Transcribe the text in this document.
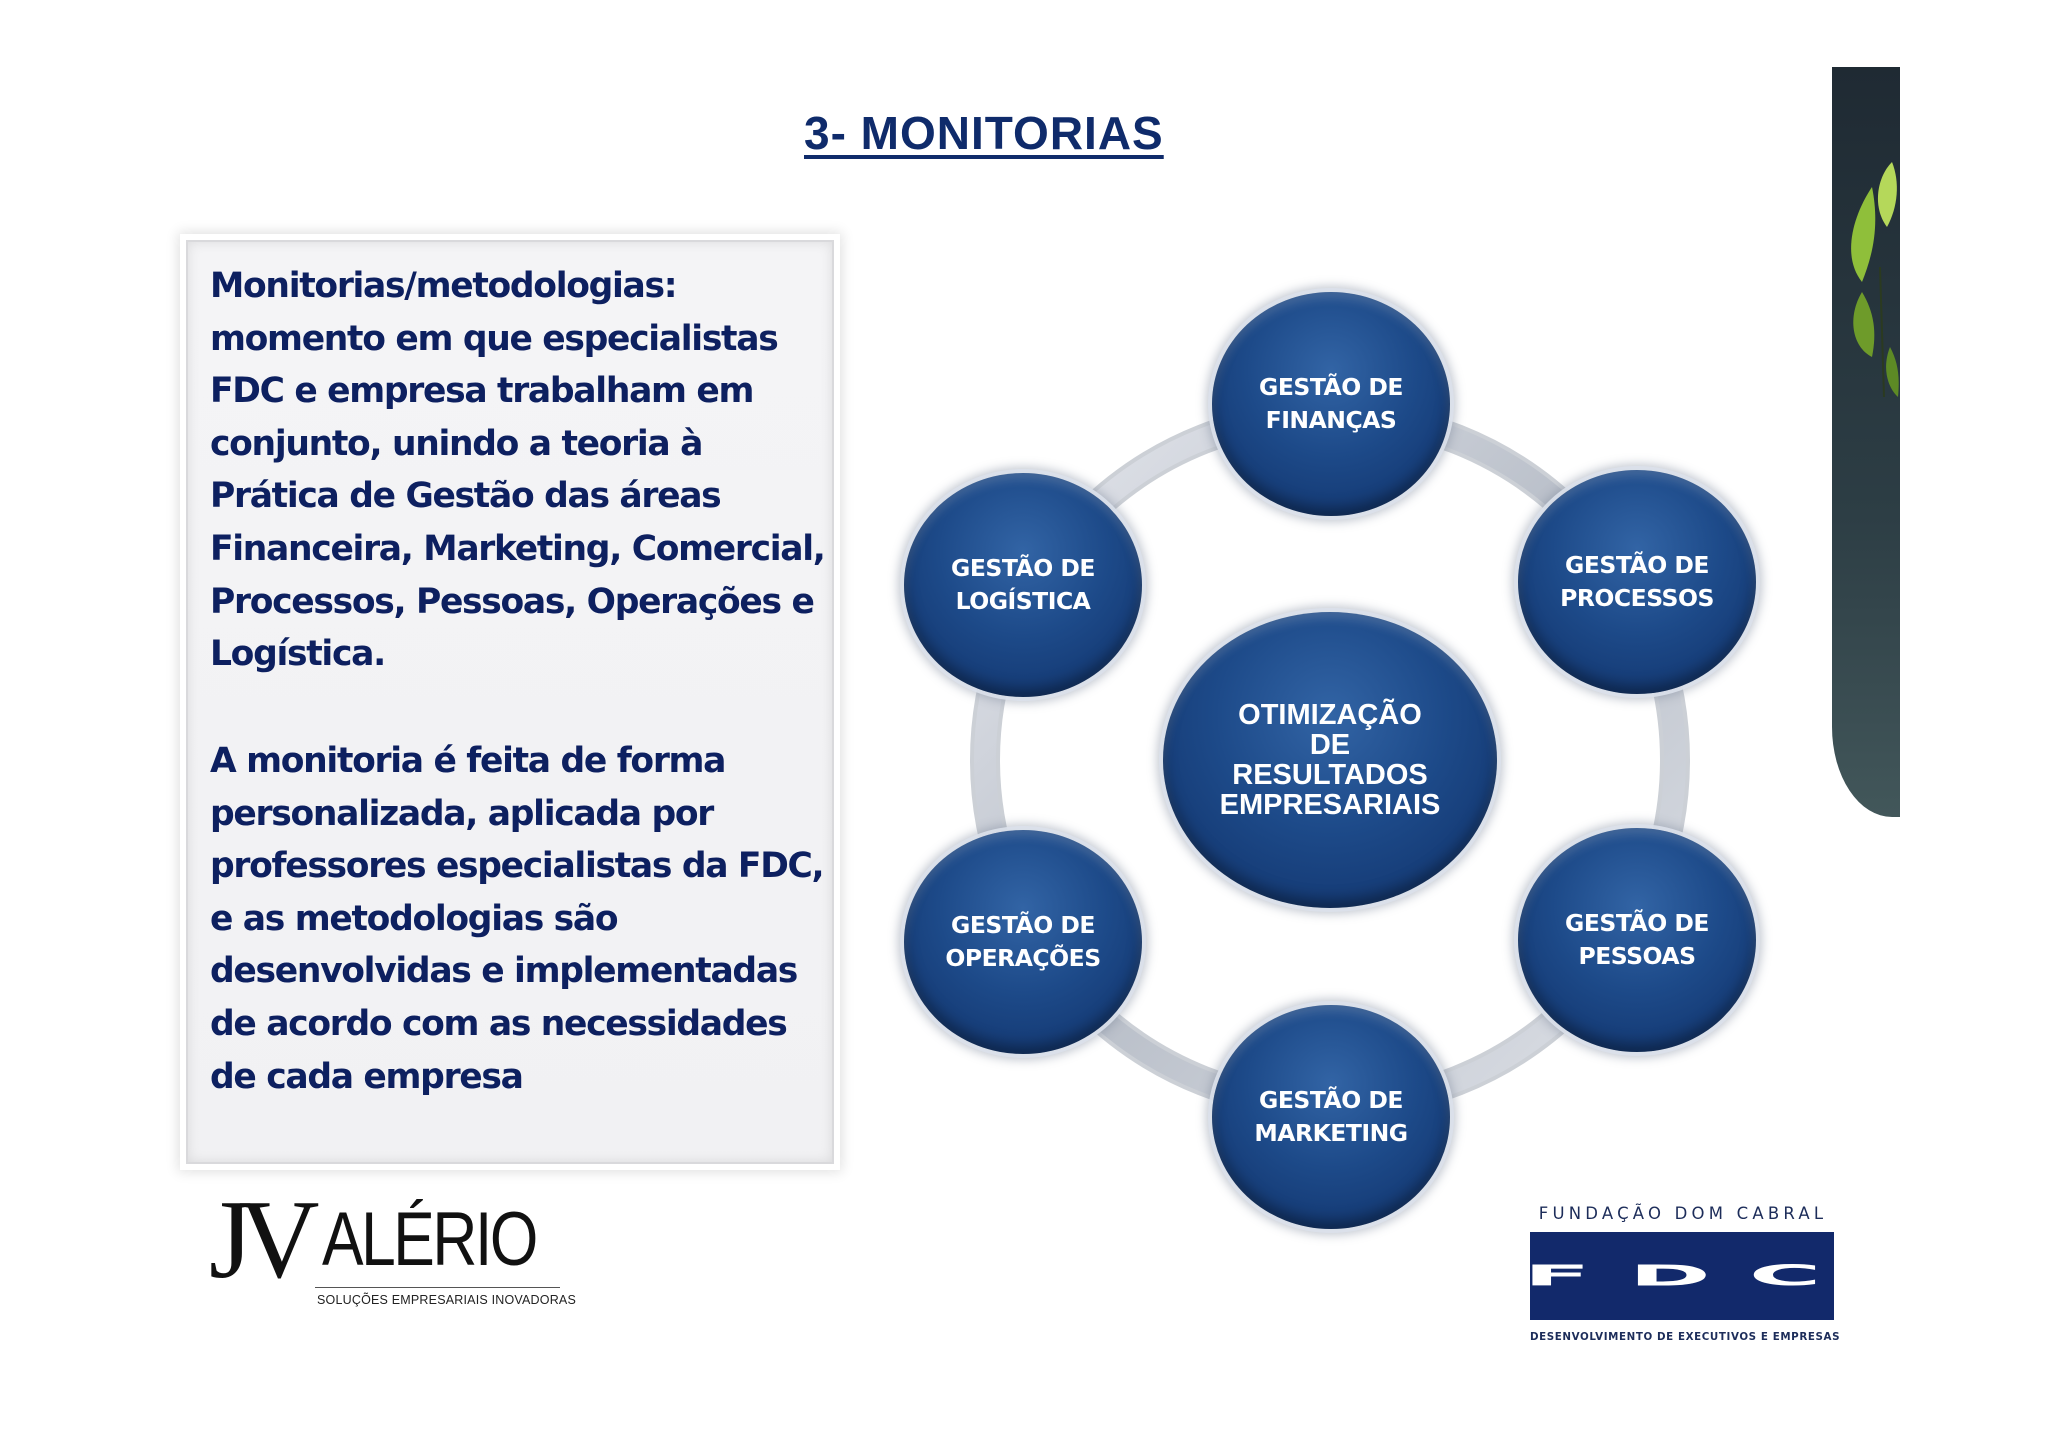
3- MONITORIAS

Monitorias/metodologias: momento em que especialistas FDC e empresa trabalham em conjunto, unindo a teoria à Prática de Gestão das áreas Financeira, Marketing, Comercial, Processos, Pessoas, Operações e Logística.

A monitoria é feita de forma personalizada, aplicada por professores especialistas da FDC, e as metodologias são desenvolvidas e implementadas de acordo com as necessidades de cada empresa

GESTÃO DE
FINANÇAS
GESTÃO DE
PROCESSOS
GESTÃO DE
PESSOAS
GESTÃO DE
MARKETING
GESTÃO DE
OPERAÇÕES
GESTÃO DE
LOGÍSTICA
OTIMIZAÇÃO
DE
RESULTADOS
EMPRESARIAIS
JV ALÉRIO
SOLUÇÕES EMPRESARIAIS INOVADORAS
FUNDAÇÃO DOM CABRAL
FDC
DESENVOLVIMENTO DE EXECUTIVOS E EMPRESAS
